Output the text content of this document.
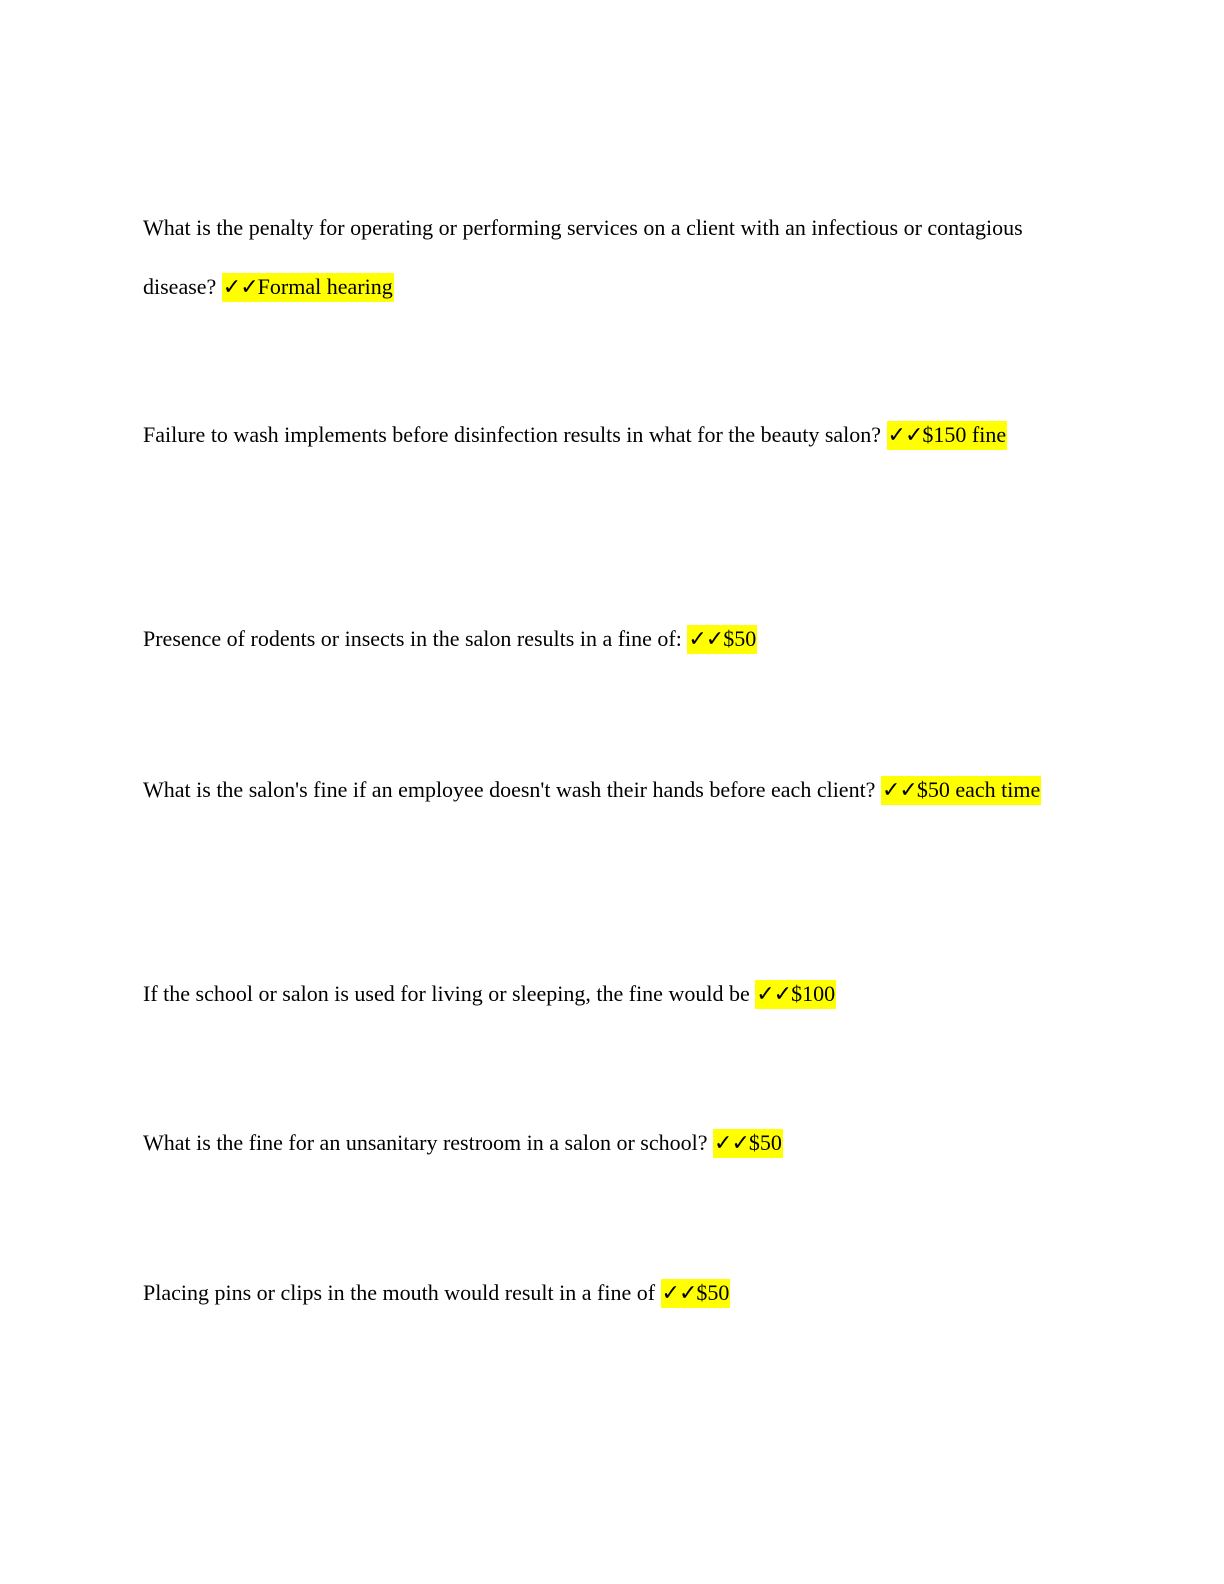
What is the penalty for operating or performing services on a client with an infectious or contagious disease? ✓✓Formal hearing

Failure to wash implements before disinfection results in what for the beauty salon? ✓✓$150 fine

Presence of rodents or insects in the salon results in a fine of: ✓✓$50

What is the salon's fine if an employee doesn't wash their hands before each client? ✓✓$50 each time

If the school or salon is used for living or sleeping, the fine would be ✓✓$100

What is the fine for an unsanitary restroom in a salon or school? ✓✓$50

Placing pins or clips in the mouth would result in a fine of ✓✓$50
